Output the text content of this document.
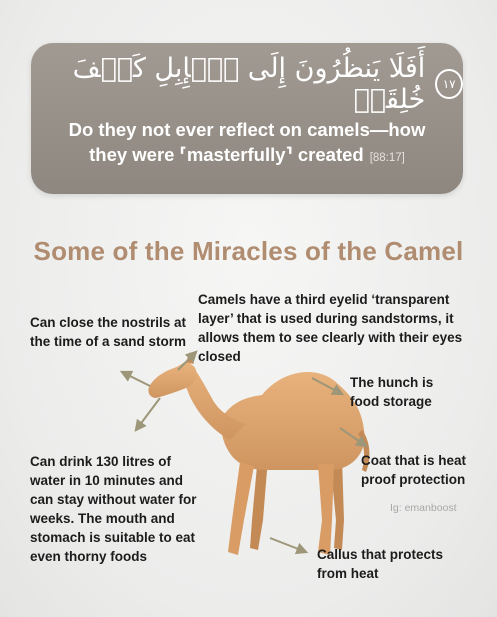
أَفَلَا يَنظُرُونَ إِلَى ٱلۡإِبِلِ كَيۡفَ خُلِقَتۡ	١٧
Do they not ever reflect on camels—how
they were ⸢masterfully⸣ created [88:17]
Some of the Miracles of the Camel
Can close the nostrils at the time of a sand storm
Camels have a third eyelid ‘transparent layer’ that is used during sandstorms, it allows them to see clearly with their eyes closed
The hunch is food storage
Coat that is heat proof protection
Can drink 130 litres of water in 10 minutes and can stay without water for weeks. The mouth and stomach is suitable to eat even thorny foods	Callus that protects from heat
Ig: emanboost
